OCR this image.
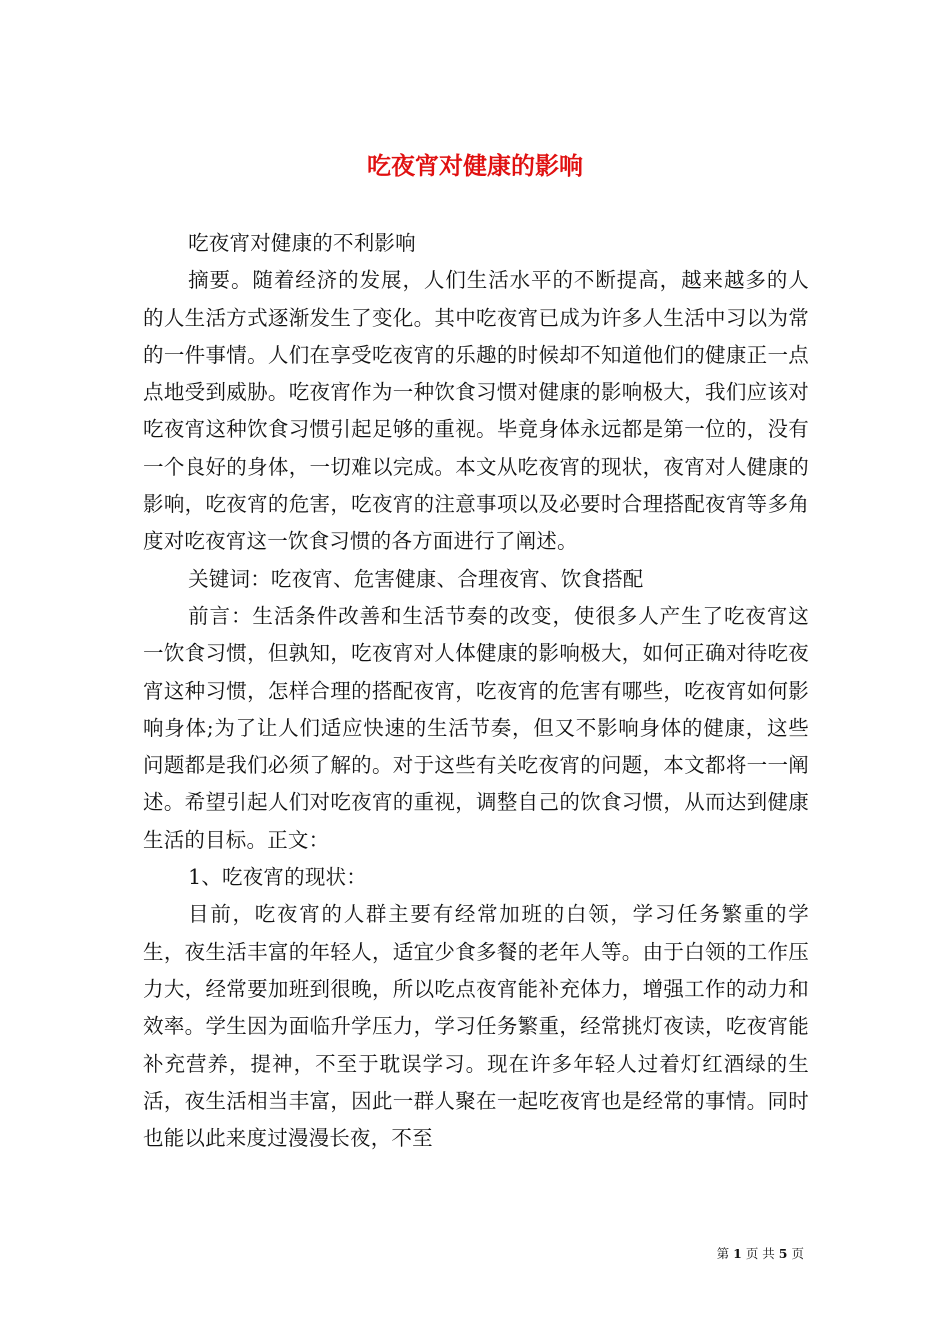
吃夜宵对健康的影响

吃夜宵对健康的不利影响

摘要。随着经济的发展，人们生活水平的不断提高，越来越多的人的人生活方式逐渐发生了变化。其中吃夜宵已成为许多人生活中习以为常的一件事情。人们在享受吃夜宵的乐趣的时候却不知道他们的健康正一点点地受到威胁。吃夜宵作为一种饮食习惯对健康的影响极大，我们应该对吃夜宵这种饮食习惯引起足够的重视。毕竟身体永远都是第一位的，没有一个良好的身体，一切难以完成。本文从吃夜宵的现状，夜宵对人健康的影响，吃夜宵的危害，吃夜宵的注意事项以及必要时合理搭配夜宵等多角度对吃夜宵这一饮食习惯的各方面进行了阐述。

关键词：吃夜宵、危害健康、合理夜宵、饮食搭配

前言：生活条件改善和生活节奏的改变，使很多人产生了吃夜宵这一饮食习惯，但孰知，吃夜宵对人体健康的影响极大，如何正确对待吃夜宵这种习惯，怎样合理的搭配夜宵，吃夜宵的危害有哪些，吃夜宵如何影响身体;为了让人们适应快速的生活节奏，但又不影响身体的健康，这些问题都是我们必须了解的。对于这些有关吃夜宵的问题，本文都将一一阐述。希望引起人们对吃夜宵的重视，调整自己的饮食习惯，从而达到健康生活的目标。正文：

1、吃夜宵的现状：

目前，吃夜宵的人群主要有经常加班的白领，学习任务繁重的学生，夜生活丰富的年轻人，适宜少食多餐的老年人等。由于白领的工作压力大，经常要加班到很晚，所以吃点夜宵能补充体力，增强工作的动力和效率。学生因为面临升学压力，学习任务繁重，经常挑灯夜读，吃夜宵能补充营养，提神，不至于耽误学习。现在许多年轻人过着灯红酒绿的生活，夜生活相当丰富，因此一群人聚在一起吃夜宵也是经常的事情。同时也能以此来度过漫漫长夜，不至

第 1 页 共 5 页
